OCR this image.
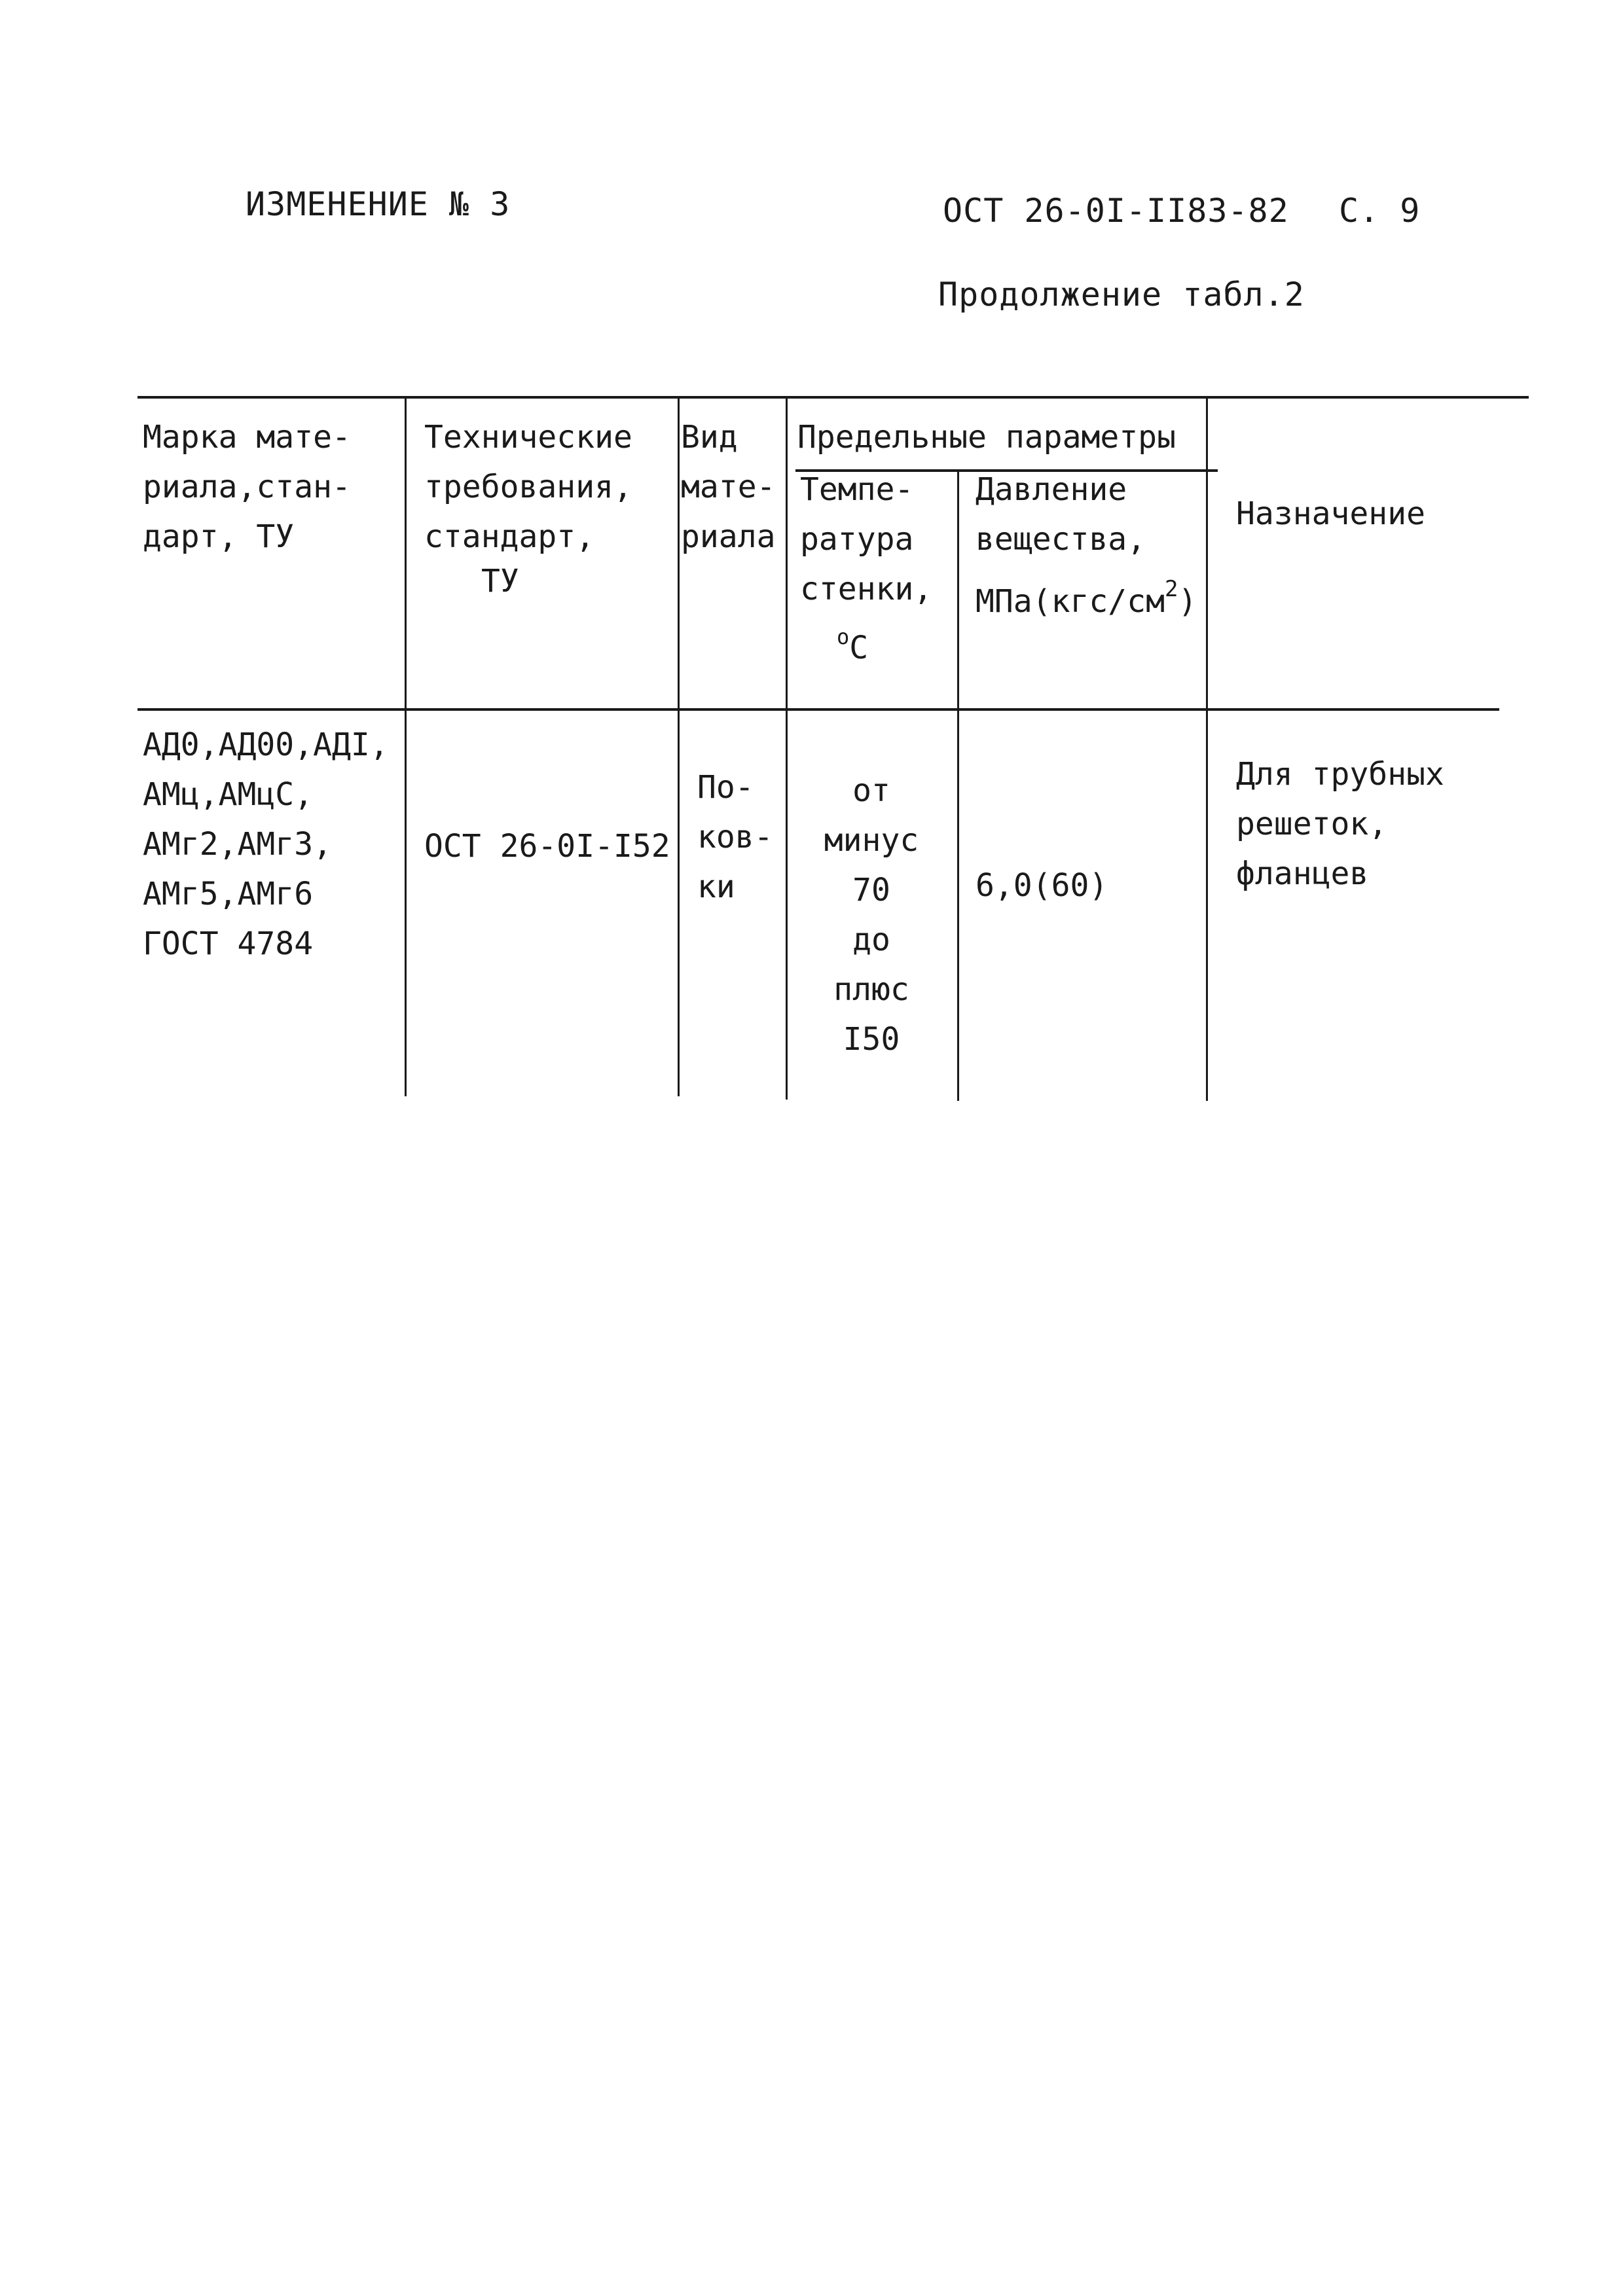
ИЗМЕНЕНИЕ № 3	ОСТ 26-0I-II83-82 С. 9
Продолжение табл.2
Марка мате-
риала,стан-
дарт, ТУ
Технические
требования,
стандарт,
ТУ
Вид
мате-
риала
Предельные параметры
Темпе-
ратура
стенки,
$^о$С
Давление
вещества,
$МПа(кгс/см^2)$
Назначение
АД0,АД00,АДI,
АМц,АМцС,
АМг2,АМг3,
АМг5,АМг6
ГОСТ 4784
ОСТ 26-0I-I52
По-
ков-
ки
от
минус
70
до
плюс
I50
6,0(60)
Для трубных
решеток,
фланцев
